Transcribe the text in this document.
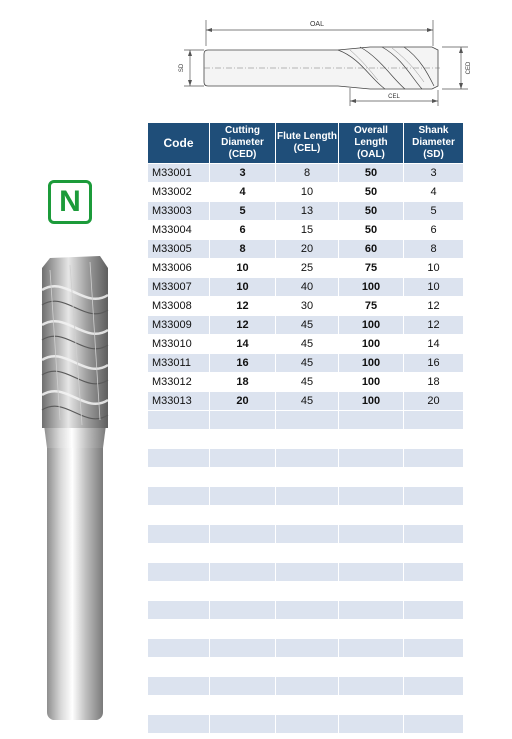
OAL
SD	CED
CEL
N
Code	Cutting Diameter (CED)	Flute Length (CEL)	Overall Length (OAL)	Shank Diameter (SD)
M33001	3	8	50	3
M33002	4	10	50	4
M33003	5	13	50	5
M33004	6	15	50	6
M33005	8	20	60	8
M33006	10	25	75	10
M33007	10	40	100	10
M33008	12	30	75	12
M33009	12	45	100	12
M33010	14	45	100	14
M33011	16	45	100	16
M33012	18	45	100	18
M33013	20	45	100	20
